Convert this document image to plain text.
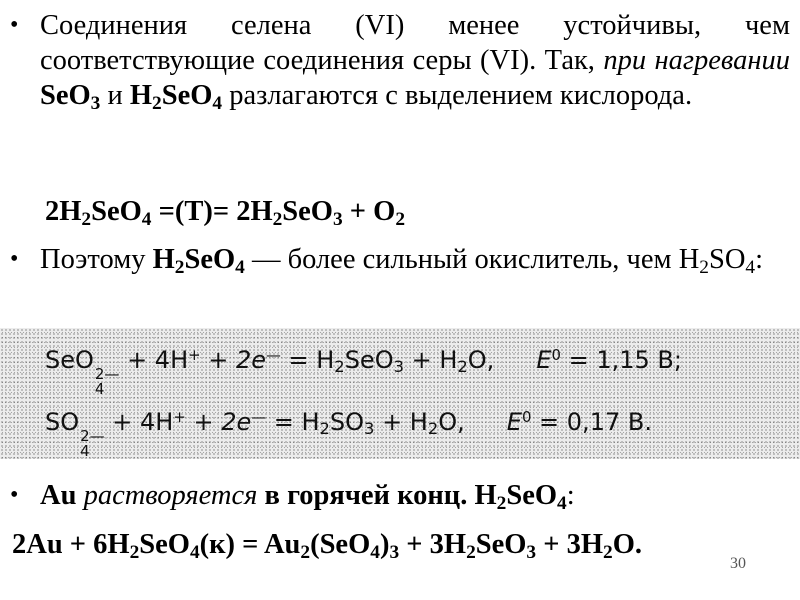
• Соединения селена (VI) менее устойчивы, чем соответствующие соединения серы (VI). Так, при нагревании SeO$_3$ и $H_2SeO_4$ разлагаются с выделением кислорода.
$2H_2SeO_4 =(T)= 2H_2SeO_3 + O_2$
• Поэтому $H_2SeO_4$ — более сильный окислитель, чем $H_2SO_4$:
SeO 2—
4
+ $4H^+ + 2e^— = H_2SeO_3 + H_2O$, $E^0 = 1,15$ В;
SO 2—
4
+ $4H^+ + 2e^— = H_2SO_3 + H_2O$, $E^0 = 0,17$ В.
• Au растворяется в горячей конц. $H_2SeO_4$:
$2Au + 6H_2SeO_4(к) = Au_2(SeO_4)_3 + 3H_2SeO_3 + 3H_2O$.
30
